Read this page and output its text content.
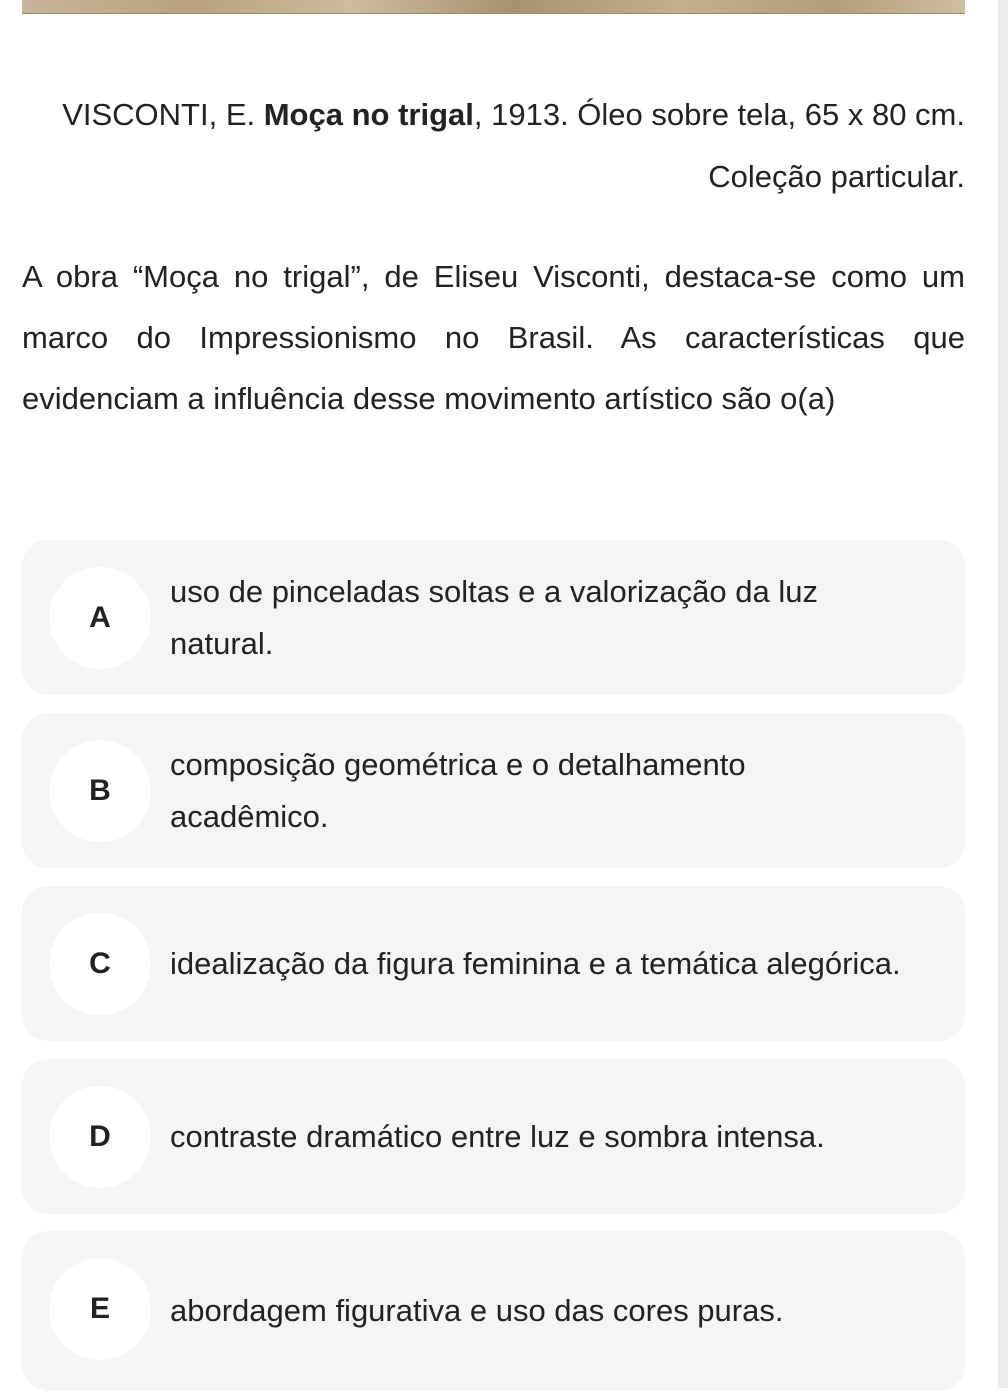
VISCONTI, E. Moça no trigal, 1913. Óleo sobre tela, 65 x 80 cm. Coleção particular.
A obra “Moça no trigal”, de Eliseu Visconti, destaca-se como um marco do Impressionismo no Brasil. As características que evidenciam a influência desse movimento artístico são o(a)
A
uso de pinceladas soltas e a valorização da luz natural.
B
composição geométrica e o detalhamento acadêmico.
C	idealização da figura feminina e a temática alegórica.
D	contraste dramático entre luz e sombra intensa.
E	abordagem figurativa e uso das cores puras.
